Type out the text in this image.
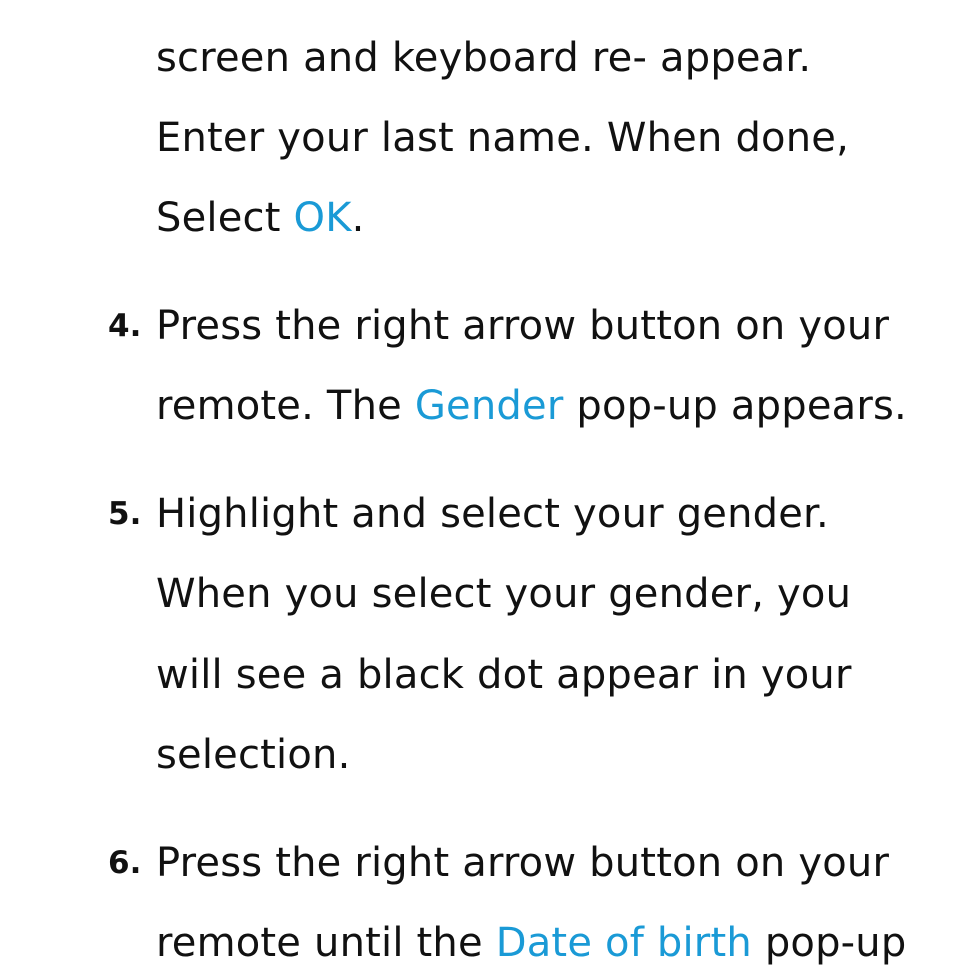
screen and keyboard re- appear.
Enter your last name. When done,
Select OK.
4. Press the right arrow button on your
remote. The Gender pop-up appears.
5. Highlight and select your gender.
When you select your gender, you
will see a black dot appear in your
selection.
6. Press the right arrow button on your
remote until the Date of birth pop-up
